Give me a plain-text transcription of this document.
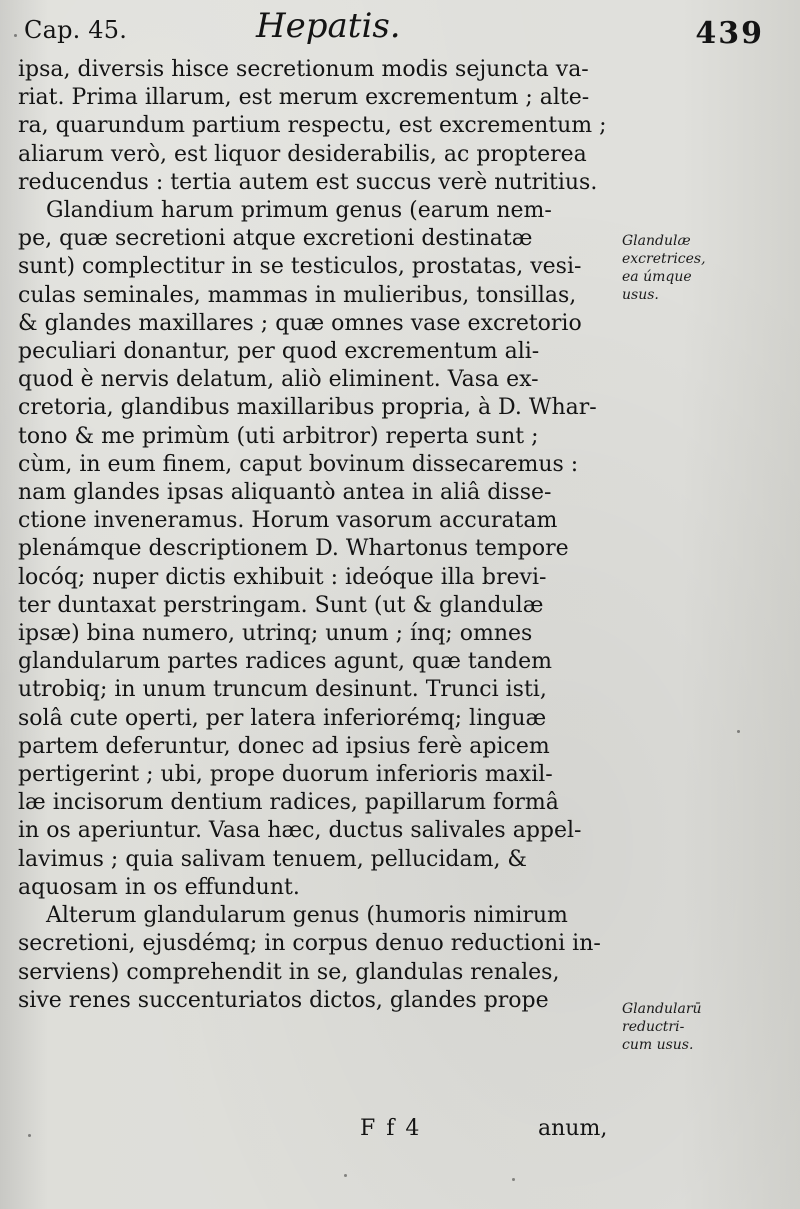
Cap. 45.	Hepatis.	439
ipsa, diversis hisce secretionum modis sejuncta va-
riat. Prima illarum, est merum excrementum ; alte-
ra, quarundum partium respectu, est excrementum ;
aliarum verò, est liquor desiderabilis, ac propterea
reducendus : tertia autem est succus verè nutritius.
Glandium harum primum genus (earum nem-
pe, quæ secretioni atque excretioni destinatæ
sunt) complectitur in se testiculos, prostatas, vesi-
culas seminales, mammas in mulieribus, tonsillas,
& glandes maxillares ; quæ omnes vase excretorio
peculiari donantur, per quod excrementum ali-
quod è nervis delatum, aliò eliminent. Vasa ex-
cretoria, glandibus maxillaribus propria, à D. Whar-
tono & me primùm (uti arbitror) reperta sunt ;
cùm, in eum finem, caput bovinum dissecaremus :
nam glandes ipsas aliquantò antea in aliâ disse-
ctione inveneramus. Horum vasorum accuratam
plenámque descriptionem D. Whartonus tempore
locóq; nuper dictis exhibuit : ideóque illa brevi-
ter duntaxat perstringam. Sunt (ut & glandulæ
ipsæ) bina numero, utrinq; unum ; ínq; omnes
glandularum partes radices agunt, quæ tandem
utrobiq; in unum truncum desinunt. Trunci isti,
solâ cute operti, per latera inferiorémq; linguæ
partem deferuntur, donec ad ipsius ferè apicem
pertigerint ; ubi, prope duorum inferioris maxil-
læ incisorum dentium radices, papillarum formâ
in os aperiuntur. Vasa hæc, ductus salivales appel-
lavimus ; quia salivam tenuem, pellucidam, &
aquosam in os effundunt.
Alterum glandularum genus (humoris nimirum
secretioni, ejusdémq; in corpus denuo reductioni in-
serviens) comprehendit in se, glandulas renales,
sive renes succenturiatos dictos, glandes prope
Glandulæ
excretrices,
ea úmque
usus.
Glandularū
reductri-
cum usus.
F f 4	anum,
